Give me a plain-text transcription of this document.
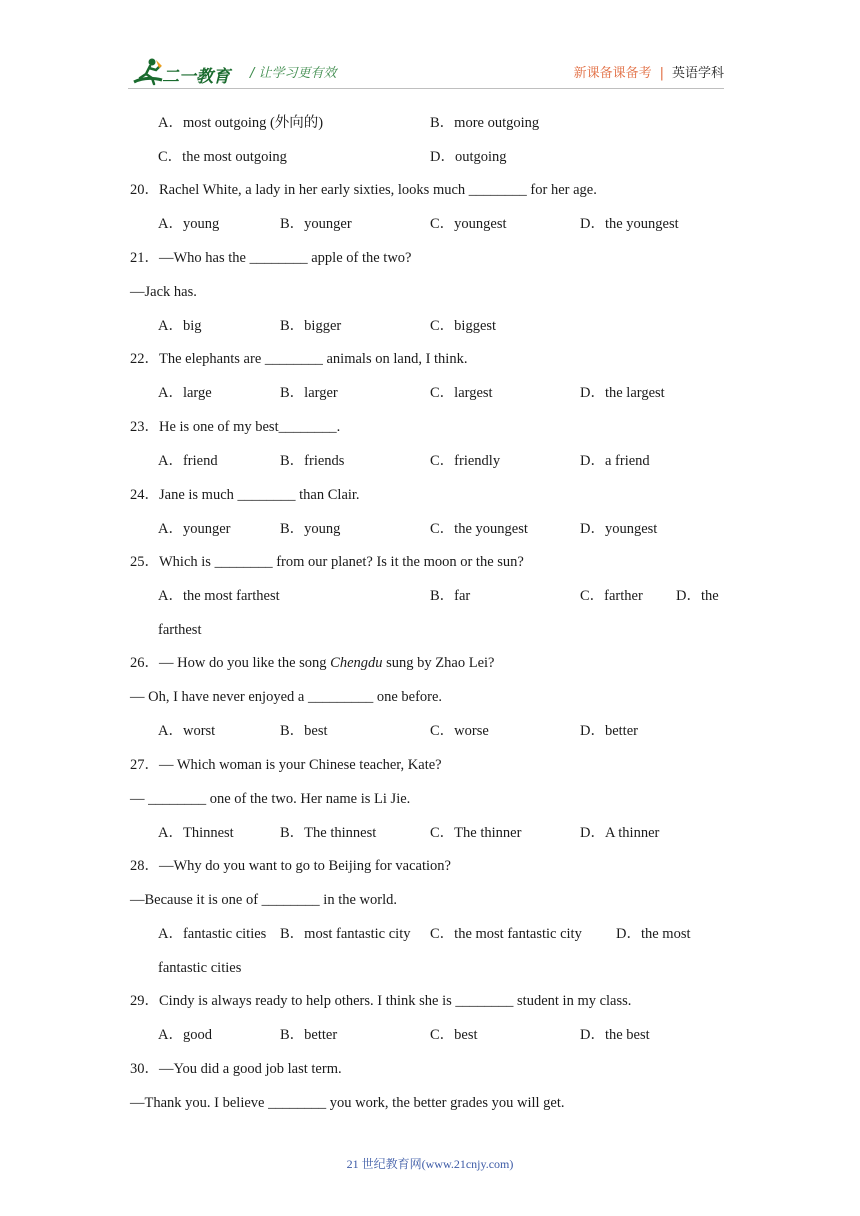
二一教育 / 让学习更有效	新课备课备考 | 英语学科
A．most outgoing (外向的)	B．more outgoing
C．the most outgoing	D．outgoing
20．Rachel White, a lady in her early sixties, looks much ________ for her age.
A．young	B．younger	C．youngest	D．the youngest
21．—Who has the ________ apple of the two?
—Jack has.
A．big	B．bigger	C．biggest
22．The elephants are ________ animals on land, I think.
A．large	B．larger	C．largest	D．the largest
23．He is one of my best________.
A．friend	B．friends	C．friendly	D．a friend
24．Jane is much ________ than Clair.
A．younger	B．young	C．the youngest	D．youngest
25．Which is ________ from our planet? Is it the moon or the sun?
A．the most farthest	B．far	C．farther D．the
farthest
26．— How do you like the song Chengdu sung by Zhao Lei?
— Oh, I have never enjoyed a _________ one before.
A．worst	B．best	C．worse	D．better
27．— Which woman is your Chinese teacher, Kate?
— ________ one of the two. Her name is Li Jie.
A．Thinnest	B．The thinnest	C．The thinner	D．A thinner
28．—Why do you want to go to Beijing for vacation?
—Because it is one of ________ in the world.
A．fantastic cities B．most fantastic city C．the most fantastic city D．the most
fantastic cities
29．Cindy is always ready to help others. I think she is ________ student in my class.
A．good	B．better	C．best	D．the best
30．—You did a good job last term.
—Thank you. I believe ________ you work, the better grades you will get.
21 世纪教育网(www.21cnjy.com)
